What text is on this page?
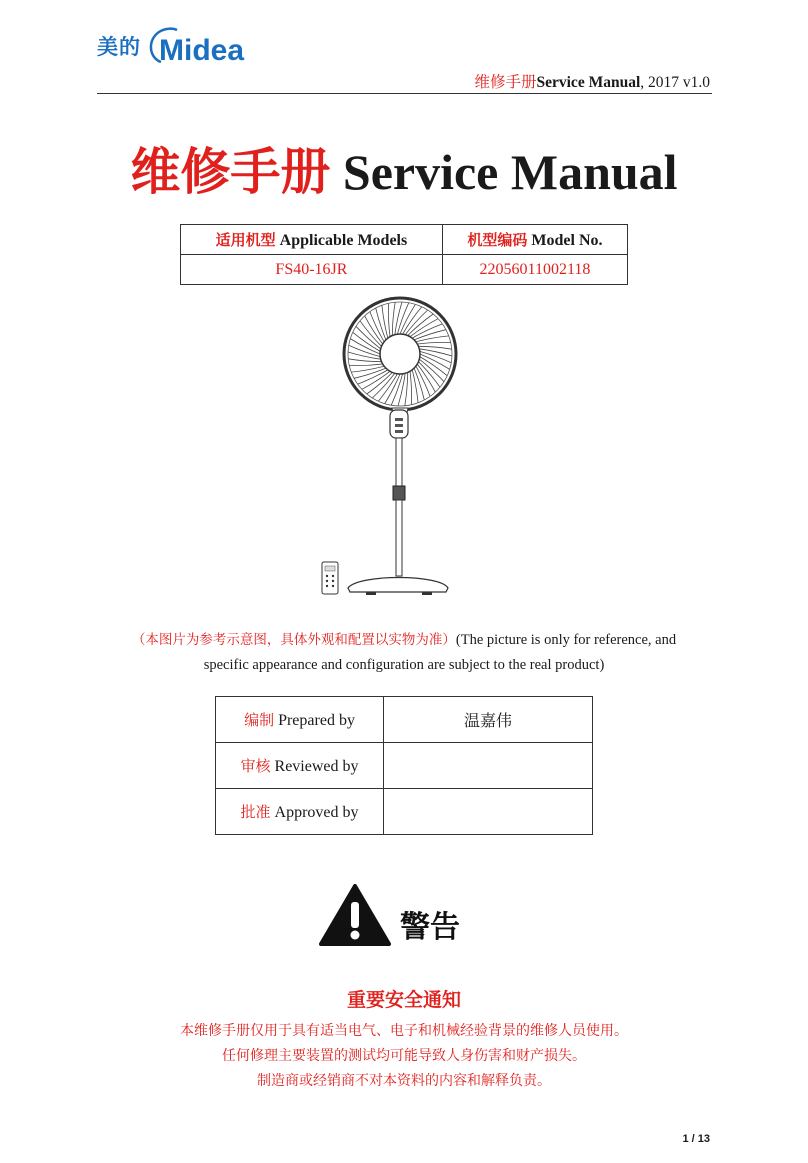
美的 Midea
维修手册Service Manual, 2017 v1.0
维修手册 Service Manual
适用机型 Applicable Models	机型编码 Model No.
FS40-16JR	22056011002118
（本图片为参考示意图，具体外观和配置以实物为准）(The picture is only for reference, and
specific appearance and configuration are subject to the real product)
编制 Prepared by	温嘉伟
审核 Reviewed by	
批准 Approved by	
警告
重要安全通知
本维修手册仅用于具有适当电气、电子和机械经验背景的维修人员使用。
任何修理主要装置的测试均可能导致人身伤害和财产损失。
制造商或经销商不对本资料的内容和解释负责。
1 / 13
